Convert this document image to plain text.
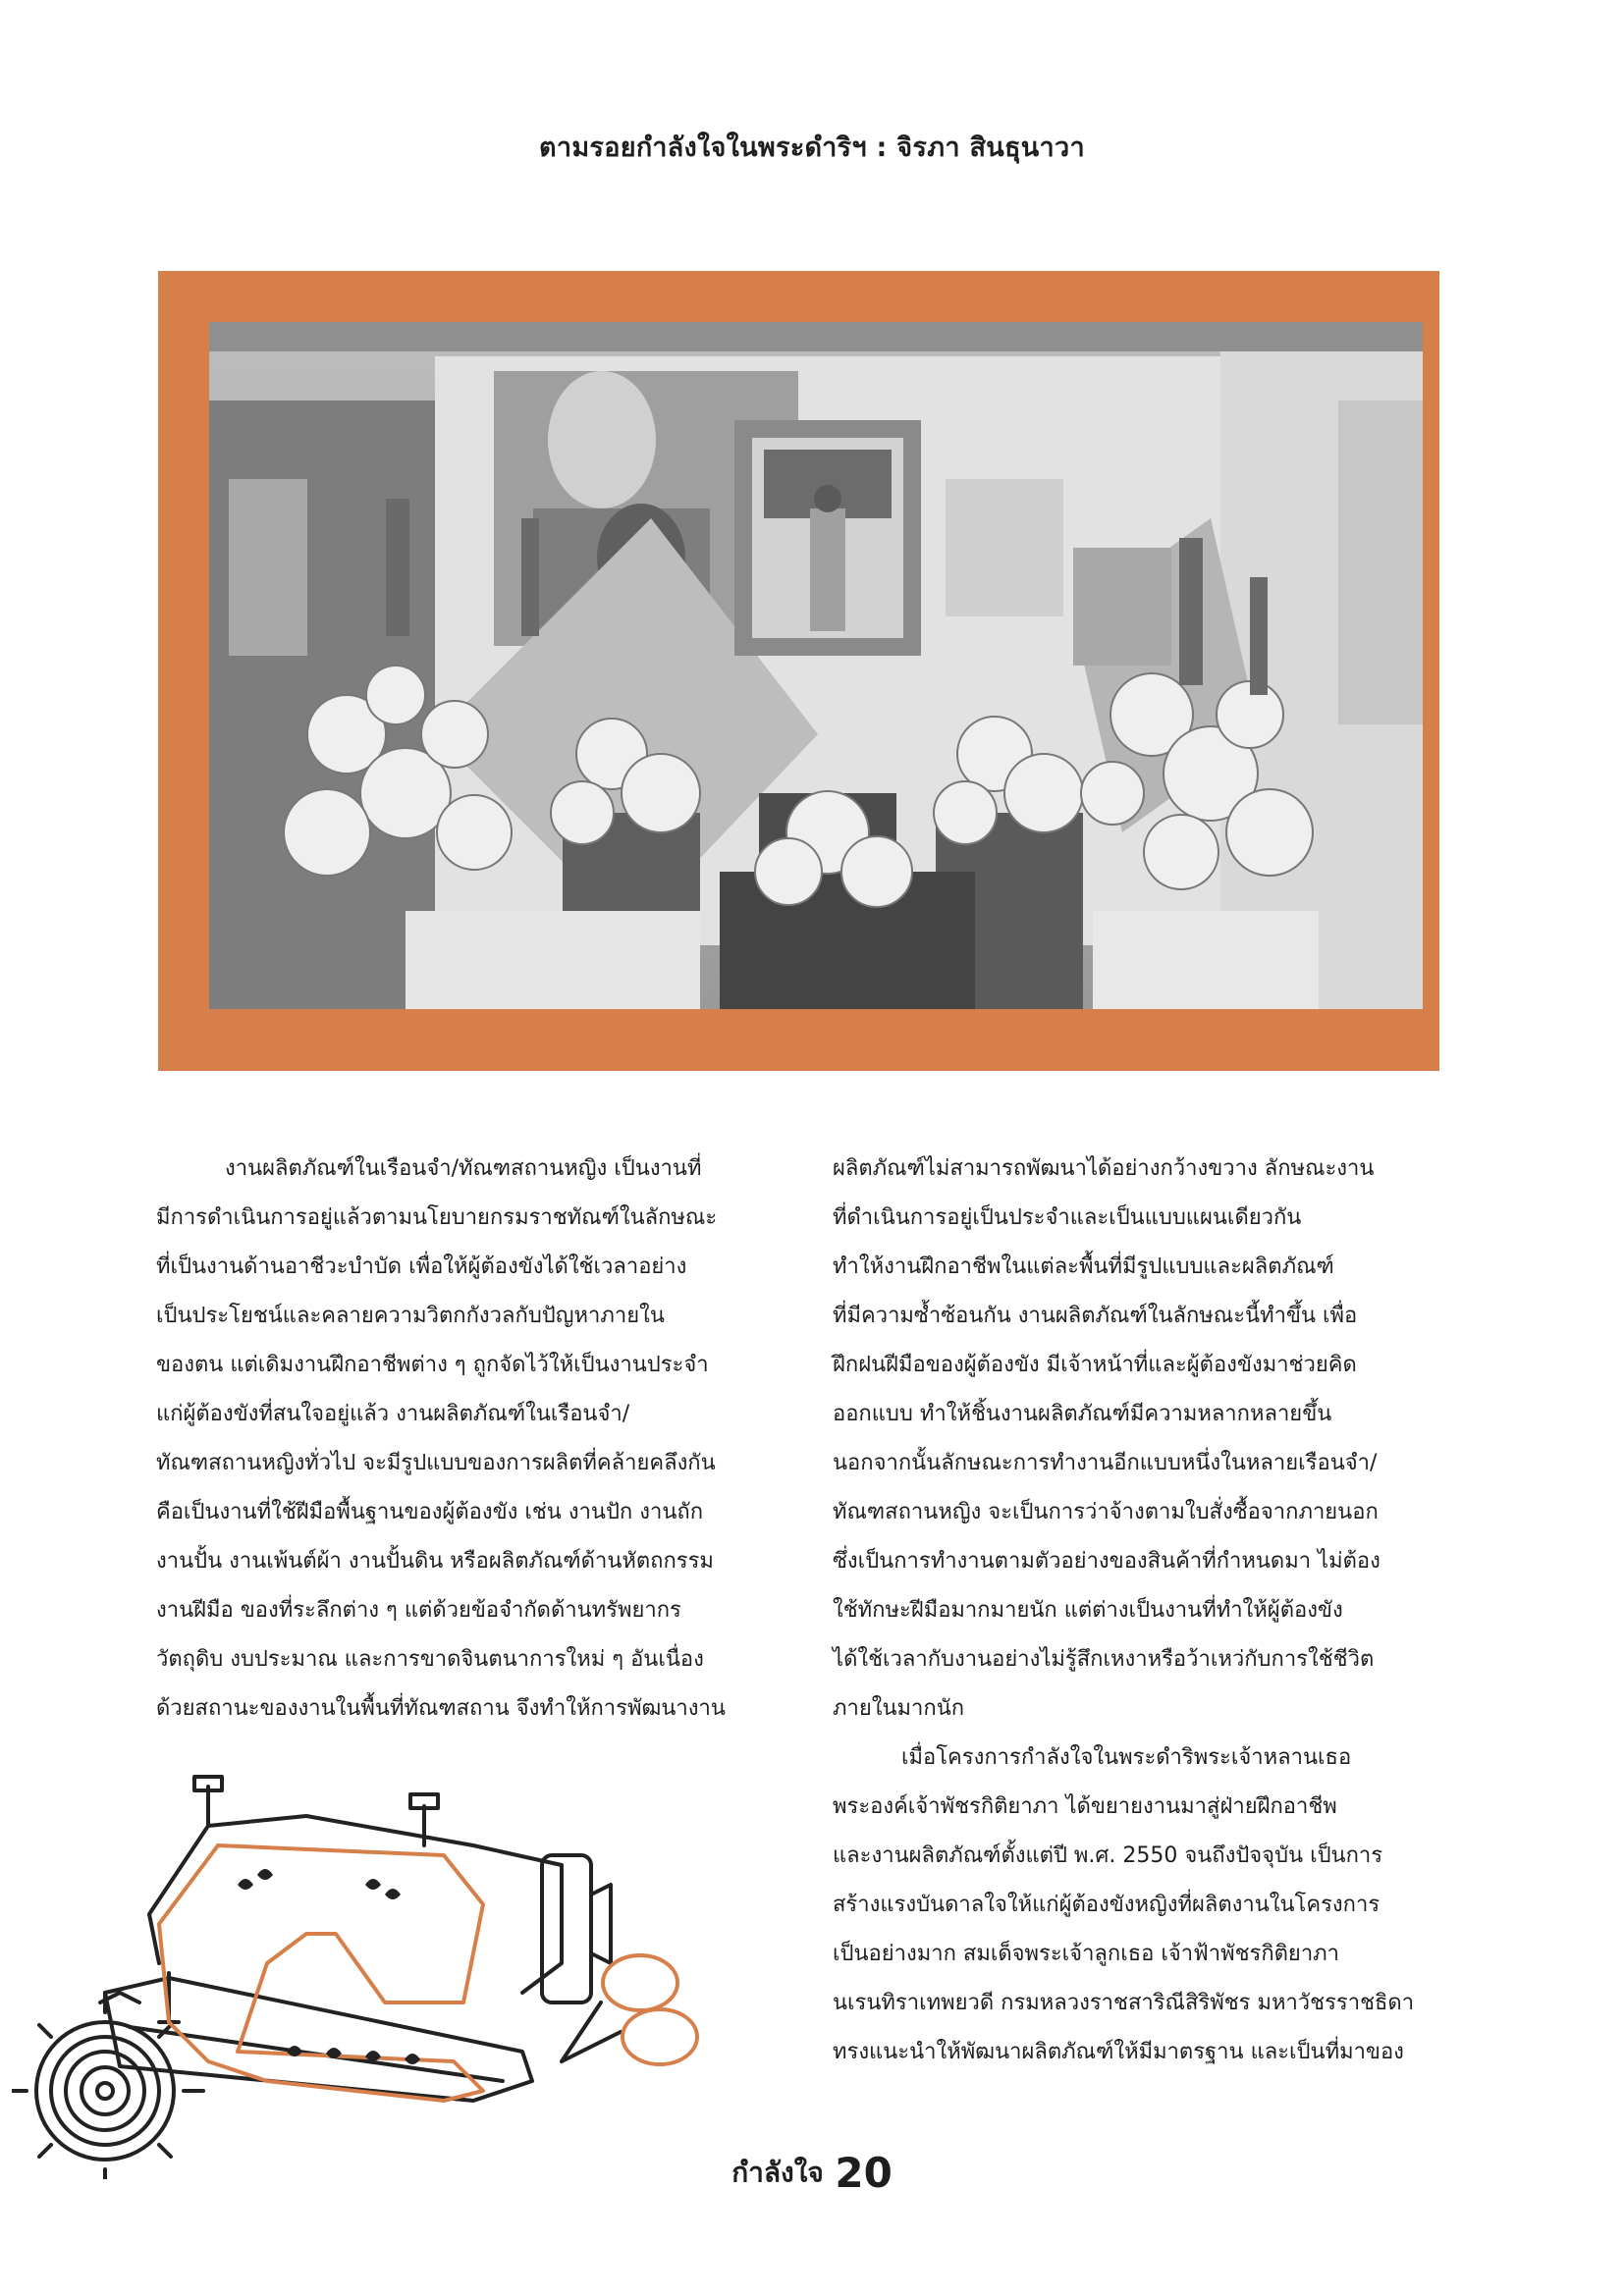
ตามรอยกำลังใจในพระดำริฯ : จิรภา สินธุนาวา

งานผลิตภัณฑ์ในเรือนจำ/ทัณฑสถานหญิง เป็นงานที่

มีการดำเนินการอยู่แล้วตามนโยบายกรมราชทัณฑ์ในลักษณะ

ที่เป็นงานด้านอาชีวะบำบัด เพื่อให้ผู้ต้องขังได้ใช้เวลาอย่าง

เป็นประโยชน์และคลายความวิตกกังวลกับปัญหาภายใน

ของตน แต่เดิมงานฝึกอาชีพต่าง ๆ ถูกจัดไว้ให้เป็นงานประจำ

แก่ผู้ต้องขังที่สนใจอยู่แล้ว งานผลิตภัณฑ์ในเรือนจำ/

ทัณฑสถานหญิงทั่วไป จะมีรูปแบบของการผลิตที่คล้ายคลึงกัน

คือเป็นงานที่ใช้ฝีมือพื้นฐานของผู้ต้องขัง เช่น งานปัก งานถัก

งานปั้น งานเพ้นต์ผ้า งานปั้นดิน หรือผลิตภัณฑ์ด้านหัตถกรรม

งานฝีมือ ของที่ระลึกต่าง ๆ แต่ด้วยข้อจำกัดด้านทรัพยากร

วัตถุดิบ งบประมาณ และการขาดจินตนาการใหม่ ๆ อันเนื่อง

ด้วยสถานะของงานในพื้นที่ทัณฑสถาน จึงทำให้การพัฒนางาน

ผลิตภัณฑ์ไม่สามารถพัฒนาได้อย่างกว้างขวาง ลักษณะงาน

ที่ดำเนินการอยู่เป็นประจำและเป็นแบบแผนเดียวกัน

ทำให้งานฝึกอาชีพในแต่ละพื้นที่มีรูปแบบและผลิตภัณฑ์

ที่มีความซ้ำซ้อนกัน งานผลิตภัณฑ์ในลักษณะนี้ทำขึ้น เพื่อ

ฝึกฝนฝีมือของผู้ต้องขัง มีเจ้าหน้าที่และผู้ต้องขังมาช่วยคิด

ออกแบบ ทำให้ชิ้นงานผลิตภัณฑ์มีความหลากหลายขึ้น

นอกจากนั้นลักษณะการทำงานอีกแบบหนึ่งในหลายเรือนจำ/

ทัณฑสถานหญิง จะเป็นการว่าจ้างตามใบสั่งซื้อจากภายนอก

ซึ่งเป็นการทำงานตามตัวอย่างของสินค้าที่กำหนดมา ไม่ต้อง

ใช้ทักษะฝีมือมากมายนัก แต่ต่างเป็นงานที่ทำให้ผู้ต้องขัง

ได้ใช้เวลากับงานอย่างไม่รู้สึกเหงาหรือว้าเหว่กับการใช้ชีวิต

ภายในมากนัก

เมื่อโครงการกำลังใจในพระดำริพระเจ้าหลานเธอ

พระองค์เจ้าพัชรกิติยาภา ได้ขยายงานมาสู่ฝ่ายฝึกอาชีพ

และงานผลิตภัณฑ์ตั้งแต่ปี พ.ศ. 2550 จนถึงปัจจุบัน เป็นการ

สร้างแรงบันดาลใจให้แก่ผู้ต้องขังหญิงที่ผลิตงานในโครงการ

เป็นอย่างมาก สมเด็จพระเจ้าลูกเธอ เจ้าฟ้าพัชรกิติยาภา

นเรนทิราเทพยวดี กรมหลวงราชสาริณีสิริพัชร มหาวัชรราชธิดา

ทรงแนะนำให้พัฒนาผลิตภัณฑ์ให้มีมาตรฐาน และเป็นที่มาของ

กำลังใจ 20
